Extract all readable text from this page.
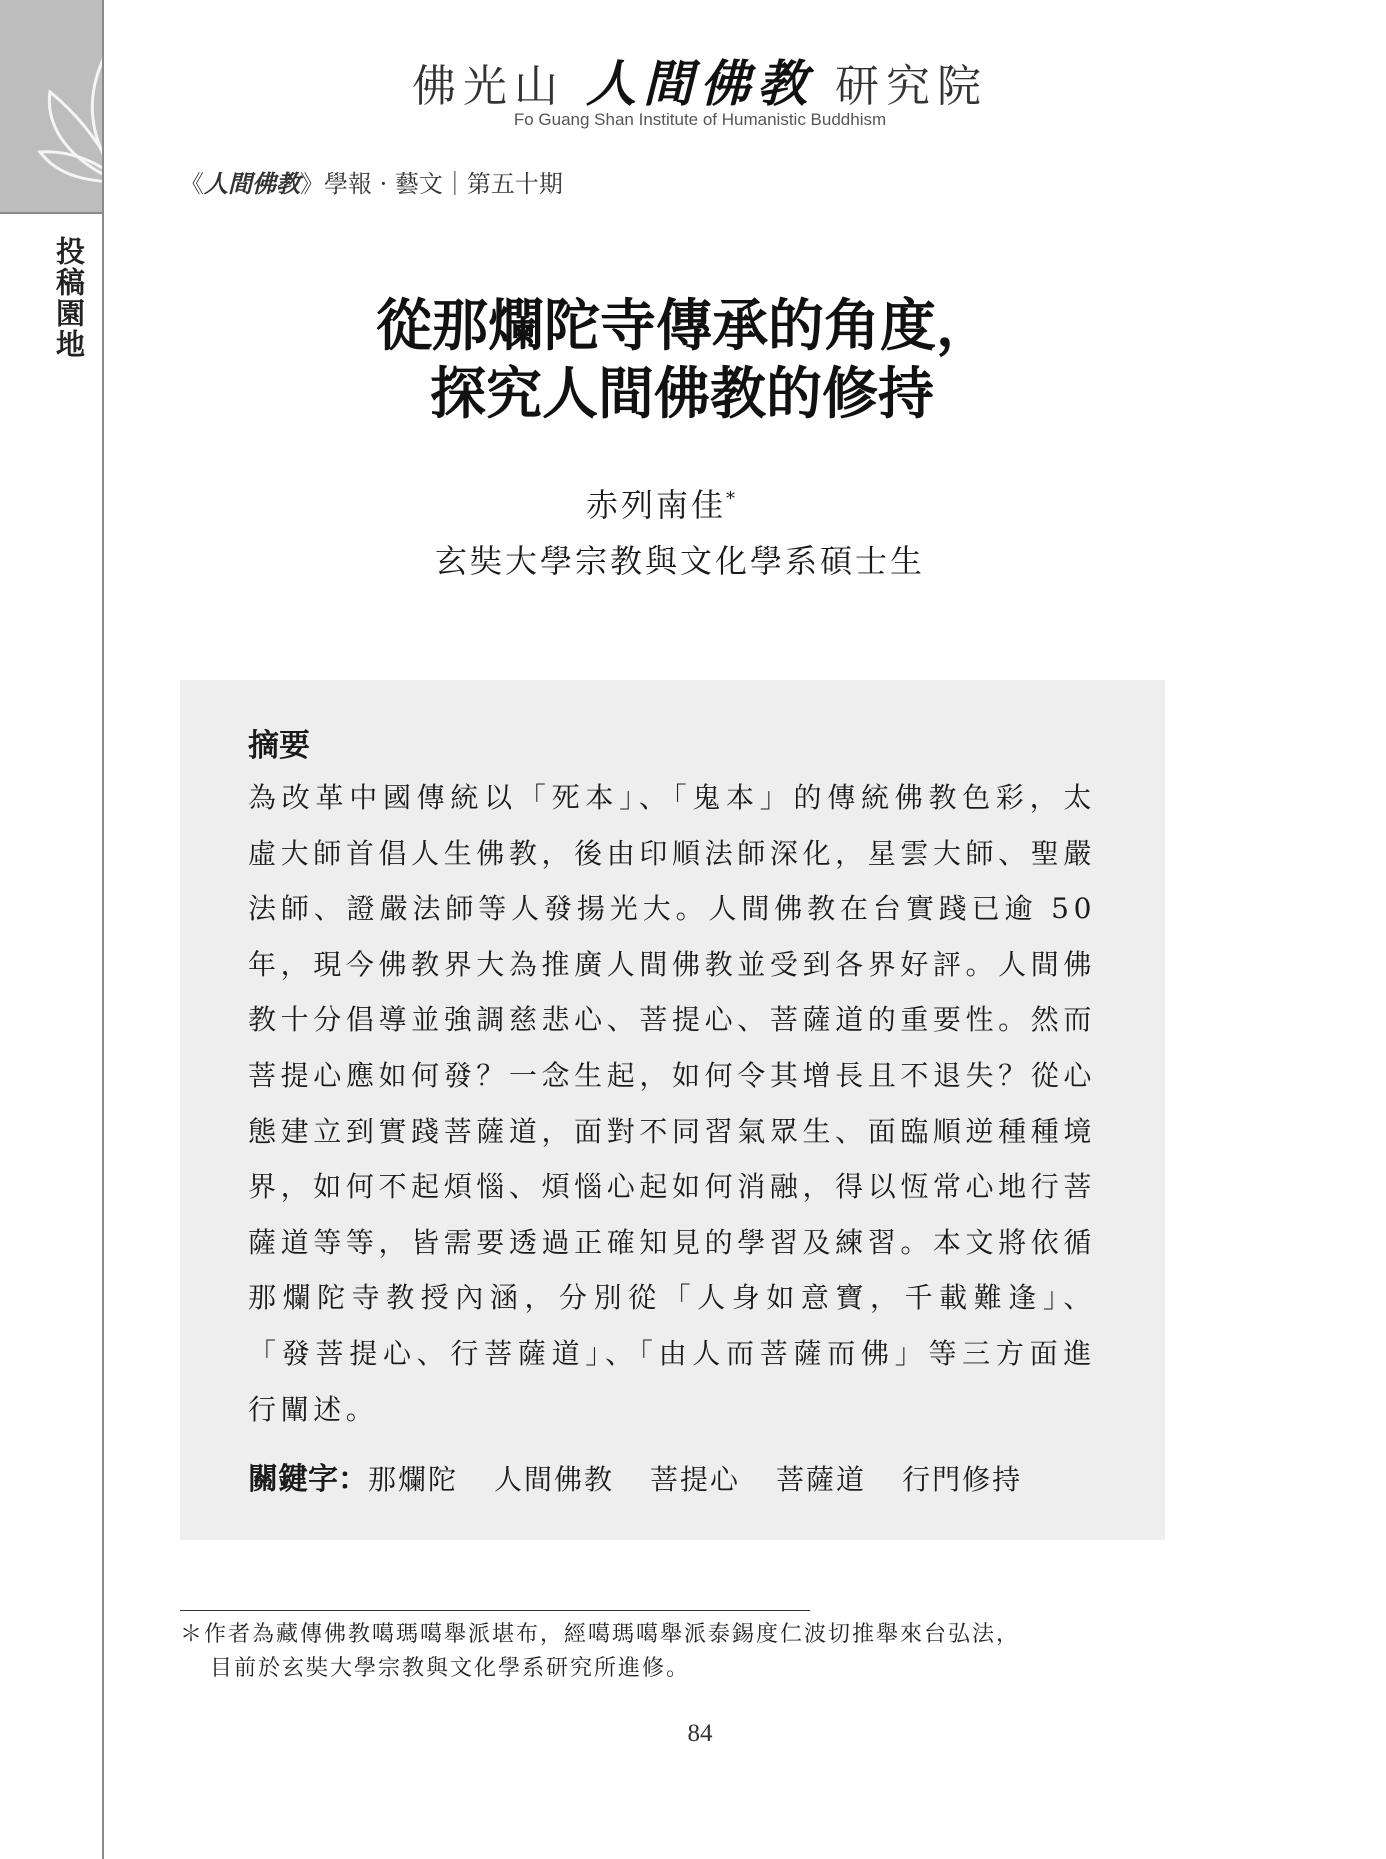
投稿園地
佛光山 人間佛教 研究院
Fo Guang Shan Institute of Humanistic Buddhism
《人間佛教》學報 · 藝文｜第五十期
從那爛陀寺傳承的角度，
探究人間佛教的修持
赤列南佳*
玄奘大學宗教與文化學系碩士生
摘要
為改革中國傳統以「死本」、「鬼本」的傳統佛教色彩，太虛大師首倡人生佛教，後由印順法師深化，星雲大師、聖嚴法師、證嚴法師等人發揚光大。人間佛教在台實踐已逾 50 年，現今佛教界大為推廣人間佛教並受到各界好評。人間佛教十分倡導並強調慈悲心、菩提心、菩薩道的重要性。然而菩提心應如何發？一念生起，如何令其增長且不退失？從心態建立到實踐菩薩道，面對不同習氣眾生、面臨順逆種種境界，如何不起煩惱、煩惱心起如何消融，得以恆常心地行菩薩道等等，皆需要透過正確知見的學習及練習。本文將依循那爛陀寺教授內涵，分別從「人身如意寶，千載難逢」、「發菩提心、行菩薩道」、「由人而菩薩而佛」等三方面進行闡述。
關鍵字：那爛陀 人間佛教 菩提心 菩薩道 行門修持
＊作者為藏傳佛教噶瑪噶舉派堪布，經噶瑪噶舉派泰錫度仁波切推舉來台弘法，
目前於玄奘大學宗教與文化學系研究所進修。
84
